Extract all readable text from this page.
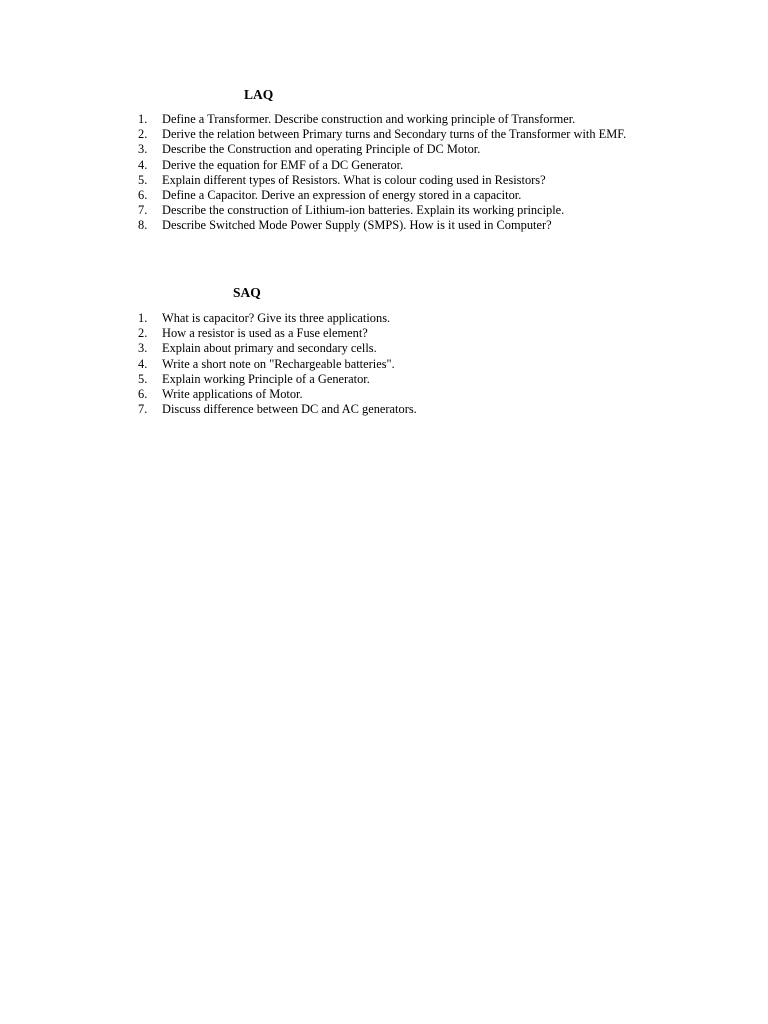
LAQ
1. Define a Transformer. Describe construction and working principle of Transformer.
2. Derive the relation between Primary turns and Secondary turns of the Transformer with EMF.
3. Describe the Construction and operating Principle of DC Motor.
4. Derive the equation for EMF of a DC Generator.
5. Explain different types of Resistors. What is colour coding used in Resistors?
6. Define a Capacitor. Derive an expression of energy stored in a capacitor.
7. Describe the construction of Lithium-ion batteries. Explain its working principle.
8. Describe Switched Mode Power Supply (SMPS). How is it used in Computer?
SAQ
1. What is capacitor? Give its three applications.
2. How a resistor is used as a Fuse element?
3. Explain about primary and secondary cells.
4. Write a short note on "Rechargeable batteries".
5. Explain working Principle of a Generator.
6. Write applications of Motor.
7. Discuss difference between DC and AC generators.
